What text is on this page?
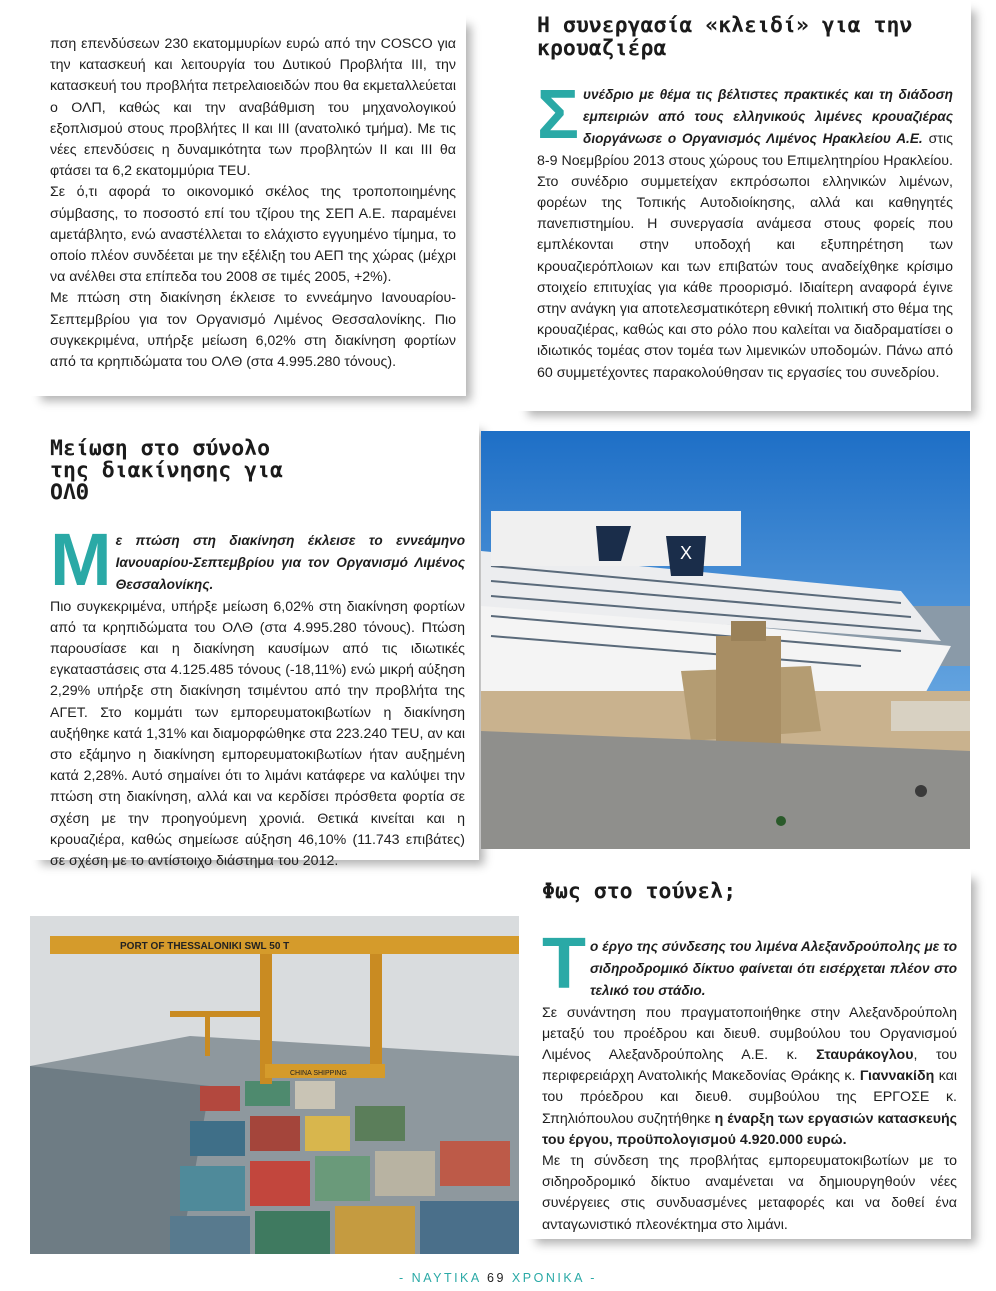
πση επενδύσεων 230 εκατομμυρίων ευρώ από την COSCO για την κατασκευή και λειτουργία του Δυτικού Προβλήτα ΙΙΙ, την κατασκευή του προβλήτα πετρελαιοειδών που θα εκμεταλλεύεται ο ΟΛΠ, καθώς και την αναβάθμιση του μηχανολογικού εξοπλισμού στους προβλήτες ΙΙ και ΙΙΙ (ανατολικό τμήμα). Με τις νέες επενδύσεις η δυναμικότητα των προβλητών ΙΙ και ΙΙΙ θα φτάσει τα 6,2 εκατομμύρια TEU.

Σε ό,τι αφορά το οικονομικό σκέλος της τροποποιημένης σύμβασης, το ποσοστό επί του τζίρου της ΣΕΠ Α.Ε. παραμένει αμετάβλητο, ενώ αναστέλλεται το ελάχιστο εγγυημένο τίμημα, το οποίο πλέον συνδέεται με την εξέλιξη του ΑΕΠ της χώρας (μέχρι να ανέλθει στα επίπεδα του 2008 σε τιμές 2005, +2%).

Με πτώση στη διακίνηση έκλεισε το εννεάμηνο Ιανουαρίου-Σεπτεμβρίου για τον Οργανισμό Λιμένος Θεσσαλονίκης. Πιο συγκεκριμένα, υπήρξε μείωση 6,02% στη διακίνηση φορτίων από τα κρηπιδώματα του ΟΛΘ (στα 4.995.280 τόνους).

Η συνεργασία «κλειδί» για την κρουαζιέρα
Σ υνέδριο με θέμα τις βέλτιστες πρακτικές και τη διάδοση εμπειριών από τους ελληνικούς λιμένες κρουαζιέρας διοργάνωσε ο Οργανισμός Λιμένος Ηρακλείου Α.Ε. στις 8-9 Νοεμβρίου 2013 στους χώρους του Επιμελητηρίου Ηρακλείου. Στο συνέδριο συμμετείχαν εκπρόσωποι ελληνικών λιμένων, φορέων της Τοπικής Αυτοδιοίκησης, αλλά και καθηγητές πανεπιστημίου. Η συνεργασία ανάμεσα στους φορείς που εμπλέκονται στην υποδοχή και εξυπηρέτηση των κρουαζιερόπλοιων και των επιβατών τους αναδείχθηκε κρίσιμο στοιχείο επιτυχίας για κάθε προορισμό. Ιδιαίτερη αναφορά έγινε στην ανάγκη για αποτελεσματικότερη εθνική πολιτική στο θέμα της κρουαζιέρας, καθώς και στο ρόλο που καλείται να διαδραματίσει ο ιδιωτικός τομέας στον τομέα των λιμενικών υποδομών. Πάνω από 60 συμμετέχοντες παρακολούθησαν τις εργασίες του συνεδρίου.
Μείωση στο σύνολο της διακίνησης για ΟΛΘ
Μ ε πτώση στη διακίνηση έκλεισε το εννεάμηνο Ιανουαρίου-Σεπτεμβρίου για τον Οργανισμό Λιμένος Θεσσαλονίκης.
Πιο συγκεκριμένα, υπήρξε μείωση 6,02% στη διακίνηση φορτίων από τα κρηπιδώματα του ΟΛΘ (στα 4.995.280 τόνους). Πτώση παρουσίασε και η διακίνηση καυσίμων από τις ιδιωτικές εγκαταστάσεις στα 4.125.485 τόνους (-18,11%) ενώ μικρή αύξηση 2,29% υπήρξε στη διακίνηση τσιμέντου από την προβλήτα της ΑΓΕΤ. Στο κομμάτι των εμπορευματοκιβωτίων η διακίνηση αυξήθηκε κατά 1,31% και διαμορφώθηκε στα 223.240 TEU, αν και στο εξάμηνο η διακίνηση εμπορευματοκιβωτίων ήταν αυξημένη κατά 2,28%. Αυτό σημαίνει ότι το λιμάνι κατάφερε να καλύψει την πτώση στη διακίνηση, αλλά και να κερδίσει πρόσθετα φορτία σε σχέση με την προηγούμενη χρονιά. Θετικά κινείται και η κρουαζιέρα, καθώς σημείωσε αύξηση 46,10% (11.743 επιβάτες) σε σχέση με το αντίστοιχο διάστημα του 2012.
X
Φως στο τούνελ;
Τ ο έργο της σύνδεσης του λιμένα Αλεξανδρούπολης με το σιδηροδρομικό δίκτυο φαίνεται ότι εισέρχεται πλέον στο τελικό του στάδιο.
Σε συνάντηση που πραγματοποιήθηκε στην Αλεξανδρούπολη μεταξύ του προέδρου και διευθ. συμβούλου του Οργανισμού Λιμένος Αλεξανδρούπολης Α.Ε. κ. Σταυράκογλου, του περιφερειάρχη Ανατολικής Μακεδονίας Θράκης κ. Γιαννακίδη και του πρόεδρου και διευθ. συμβούλου της ΕΡΓΟΣΕ κ. Σπηλιόπουλου συζητήθηκε η έναρξη των εργασιών κατασκευής του έργου, προϋπολογισμού 4.920.000 ευρώ.
Με τη σύνδεση της προβλήτας εμπορευματοκιβωτίων με το σιδηροδρομικό δίκτυο αναμένεται να δημιουργηθούν νέες συνέργειες στις συνδυασμένες μεταφορές και να δοθεί ένα ανταγωνιστικό πλεονέκτημα στο λιμάνι.
PORT OF THESSALONIKI SWL 50 T
CHINA SHIPPING
- ΝΑΥΤΙΚΑ 69 ΧΡΟΝΙΚΑ -
